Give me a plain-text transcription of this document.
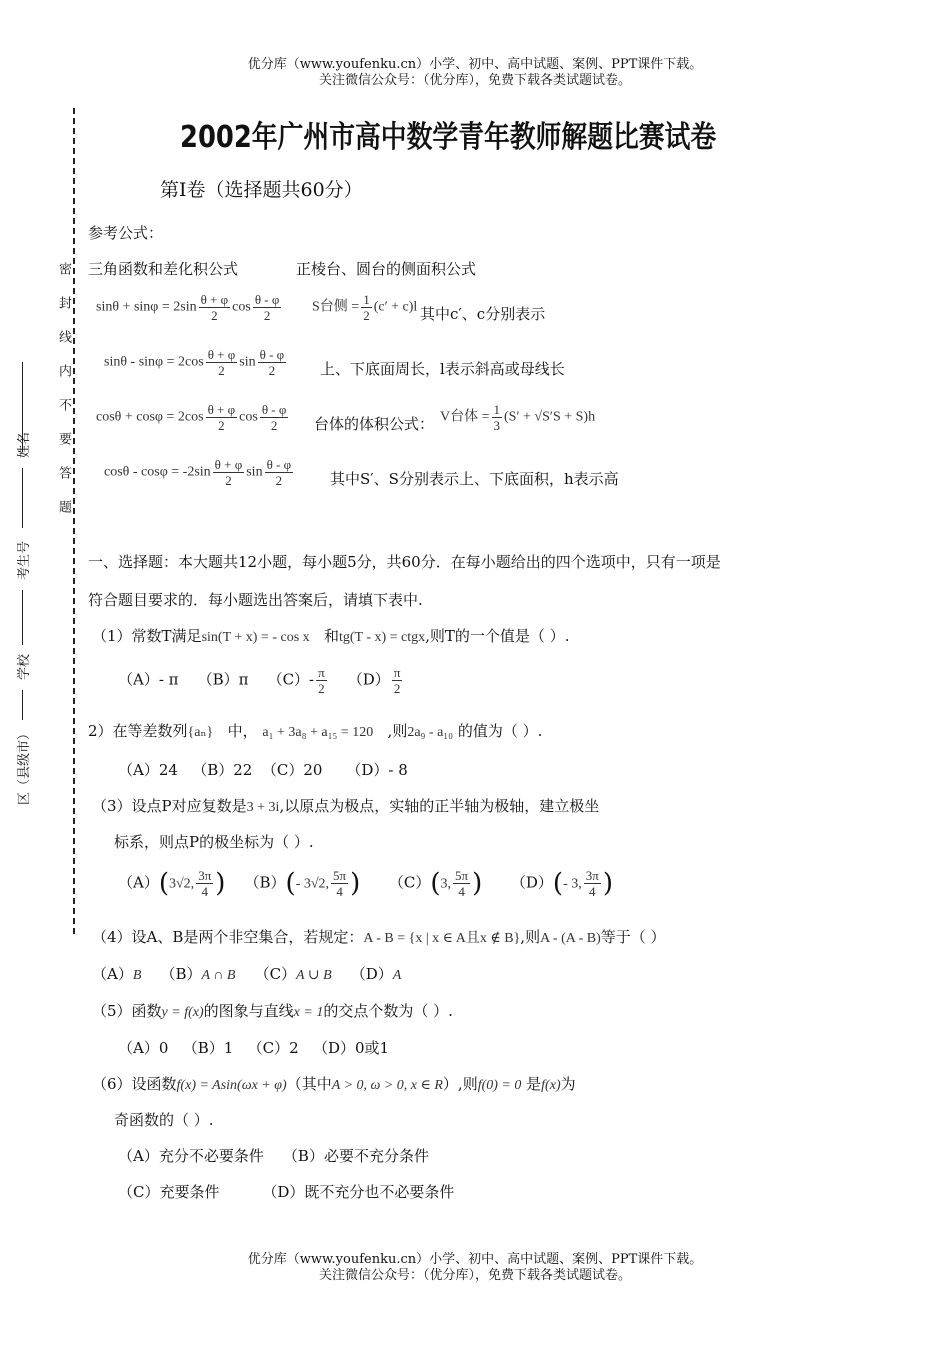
优分库（www.youfenku.cn）小学、初中、高中试题、案例、PPT课件下载。
关注微信公众号：（优分库），免费下载各类试题试卷。
密封线内不要答题
姓名
考生号
学校
区（县级市）
2002年广州市高中数学青年教师解题比赛试卷
第I卷（选择题共60分）
参考公式：
三角函数和差化积公式	正棱台、圆台的侧面积公式
$\sin\theta + \sin\varphi = 2\sin \frac{\theta + \varphi}{2}$ $\cos \frac{\theta - \varphi}{2}$ S台侧 = $\frac{1}{2} (c' + c)l$ 其中c′、c分别表示
$\sin\theta - \sin\varphi = 2\cos \frac{\theta + \varphi}{2}$ $\sin \frac{\theta - \varphi}{2}$ 上、下底面周长，l表示斜高或母线长
$\cos\theta + \cos\varphi = 2\cos \frac{\theta + \varphi}{2}$ $\cos \frac{\theta - \varphi}{2}$ 台体的体积公式： V台体 = $\frac{1}{3} (S' + √S'S + S)h$
$\cos\theta - \cos\varphi = -2\sin \frac{\theta + \varphi}{2}$ $\sin \frac{\theta - \varphi}{2}$ 其中S′、S分别表示上、下底面积，h表示高
一、选择题：本大题共12小题，每小题5分，共60分．在每小题给出的四个选项中，只有一项是
符合题目要求的．每小题选出答案后，请填下表中.
（1）常数T满足sin(T + x) = - cos x 和tg(T - x) = ctgx,则T的一个值是（ ）.
（A）- π （B）π $(C)- \frac{\pi}{2} (D) \frac{\pi}{2}$
2）在等差数列{aₙ} 中， a₁ + 3a₈ + a₁₅ = 120 ,则2a₉ - a₁₀ 的值为（ ）.
（A）24 （B）22 （C）20 （D）- 8
（3）设点P对应复数是3 + 3i,以原点为极点，实轴的正半轴为极轴，建立极坐
标系，则点P的极坐标为（ ）.
（A）(3√2, $\frac{3\pi}{4}$ ) （B）(- 3√2, $\frac{5\pi}{4}$ ) （C）(3, $\frac{5\pi}{4}$ ) （D）(- 3, $\frac{3\pi}{4}$ )
（4）设A、B是两个非空集合，若规定：A - B = {x | x ∈ A且x ∉ B},则A - (A - B)等于（ ）
（A）B （B）A ∩ B （C）A ∪ B （D）A
（5）函数y = f(x)的图象与直线x = 1的交点个数为（ ）.
（A）0 （B）1 （C）2 （D）0或1
（6）设函数f(x) = Asin(ωx + φ)（其中A > 0, ω > 0, x ∈ R）,则f(0) = 0 是f(x)为
奇函数的（ ）.
（A）充分不必要条件 （B）必要不充分条件
（C）充要条件	（D）既不充分也不必要条件
优分库（www.youfenku.cn）小学、初中、高中试题、案例、PPT课件下载。
关注微信公众号：（优分库），免费下载各类试题试卷。
